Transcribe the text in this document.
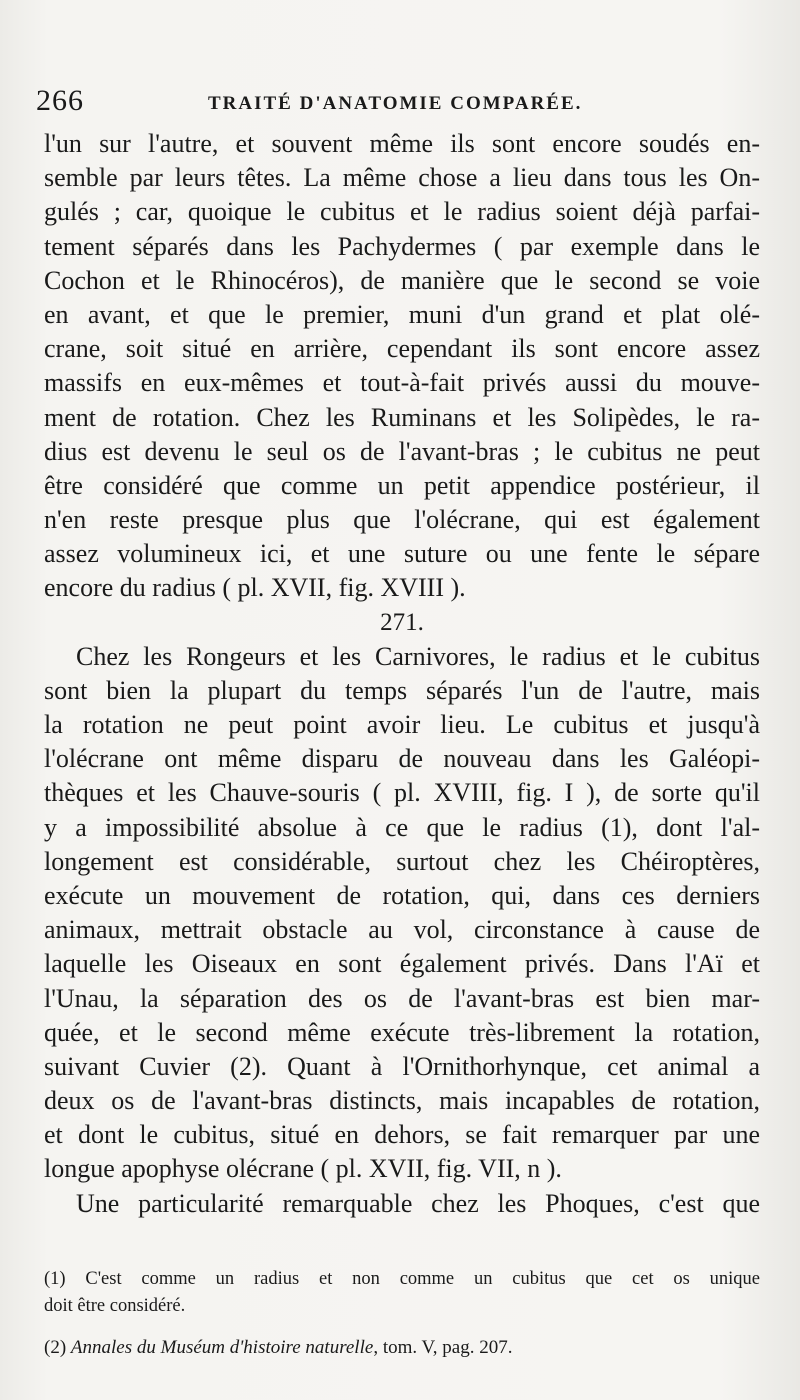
266	TRAITÉ D'ANATOMIE COMPARÉE.
l'un sur l'autre, et souvent même ils sont encore soudés en-
semble par leurs têtes. La même chose a lieu dans tous les On-
gulés ; car, quoique le cubitus et le radius soient déjà parfai-
tement séparés dans les Pachydermes ( par exemple dans le
Cochon et le Rhinocéros), de manière que le second se voie
en avant, et que le premier, muni d'un grand et plat olé-
crane, soit situé en arrière, cependant ils sont encore assez
massifs en eux-mêmes et tout-à-fait privés aussi du mouve-
ment de rotation. Chez les Ruminans et les Solipèdes, le ra-
dius est devenu le seul os de l'avant-bras ; le cubitus ne peut
être considéré que comme un petit appendice postérieur, il
n'en reste presque plus que l'olécrane, qui est également
assez volumineux ici, et une suture ou une fente le sépare
encore du radius ( pl. XVII, fig. XVIII ).
271.
Chez les Rongeurs et les Carnivores, le radius et le cubitus
sont bien la plupart du temps séparés l'un de l'autre, mais
la rotation ne peut point avoir lieu. Le cubitus et jusqu'à
l'olécrane ont même disparu de nouveau dans les Galéopi-
thèques et les Chauve-souris ( pl. XVIII, fig. I ), de sorte qu'il
y a impossibilité absolue à ce que le radius (1), dont l'al-
longement est considérable, surtout chez les Chéiroptères,
exécute un mouvement de rotation, qui, dans ces derniers
animaux, mettrait obstacle au vol, circonstance à cause de
laquelle les Oiseaux en sont également privés. Dans l'Aï et
l'Unau, la séparation des os de l'avant-bras est bien mar-
quée, et le second même exécute très-librement la rotation,
suivant Cuvier (2). Quant à l'Ornithorhynque, cet animal a
deux os de l'avant-bras distincts, mais incapables de rotation,
et dont le cubitus, situé en dehors, se fait remarquer par une
longue apophyse olécrane ( pl. XVII, fig. VII, n ).
Une particularité remarquable chez les Phoques, c'est que
(1) C'est comme un radius et non comme un cubitus que cet os unique
doit être considéré.
(2) Annales du Muséum d'histoire naturelle, tom. V, pag. 207.
